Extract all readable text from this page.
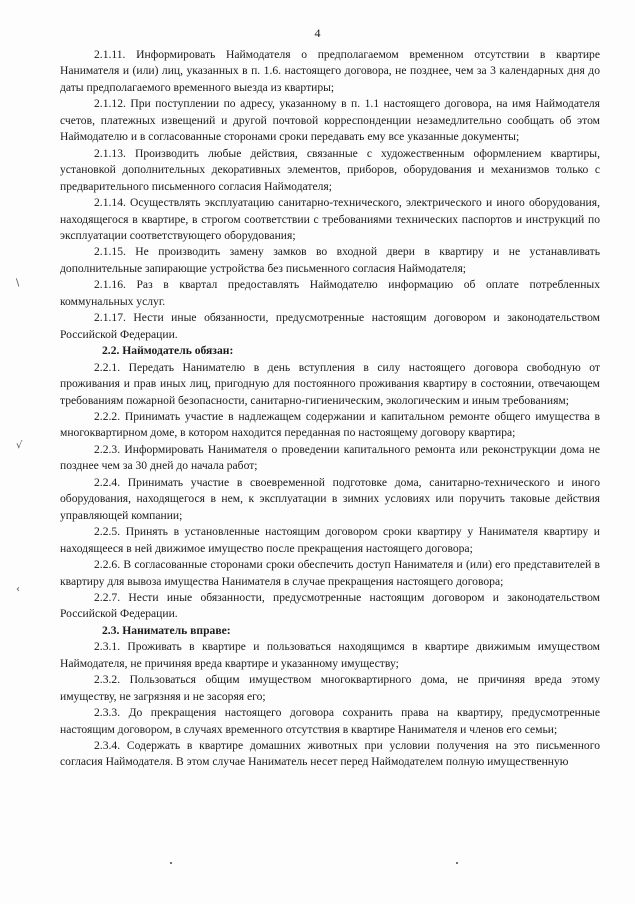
4

2.1.11. Информировать Наймодателя о предполагаемом временном отсутствии в квартире Нанимателя и (или) лиц, указанных в п. 1.6. настоящего договора, не позднее, чем за 3 календарных дня до даты предполагаемого временного выезда из квартиры;

2.1.12. При поступлении по адресу, указанному в п. 1.1 настоящего договора, на имя Наймодателя счетов, платежных извещений и другой почтовой корреспонденции незамедлительно сообщать об этом Наймодателю и в согласованные сторонами сроки передавать ему все указанные документы;

2.1.13. Производить любые действия, связанные с художественным оформлением квартиры, установкой дополнительных декоративных элементов, приборов, оборудования и механизмов только с предварительного письменного согласия Наймодателя;

2.1.14. Осуществлять эксплуатацию санитарно-технического, электрического и иного оборудования, находящегося в квартире, в строгом соответствии с требованиями технических паспортов и инструкций по эксплуатации соответствующего оборудования;

2.1.15. Не производить замену замков во входной двери в квартиру и не устанавливать дополнительные запирающие устройства без письменного согласия Наймодателя;

2.1.16. Раз в квартал предоставлять Наймодателю информацию об оплате потребленных коммунальных услуг.

2.1.17. Нести иные обязанности, предусмотренные настоящим договором и законодательством Российской Федерации.

2.2. Наймодатель обязан:

2.2.1. Передать Нанимателю в день вступления в силу настоящего договора свободную от проживания и прав иных лиц, пригодную для постоянного проживания квартиру в состоянии, отвечающем требованиям пожарной безопасности, санитарно-гигиеническим, экологическим и иным требованиям;

2.2.2. Принимать участие в надлежащем содержании и капитальном ремонте общего имущества в многоквартирном доме, в котором находится переданная по настоящему договору квартира;

2.2.3. Информировать Нанимателя о проведении капитального ремонта или реконструкции дома не позднее чем за 30 дней до начала работ;

2.2.4. Принимать участие в своевременной подготовке дома, санитарно-технического и иного оборудования, находящегося в нем, к эксплуатации в зимних условиях или поручить таковые действия управляющей компании;

2.2.5. Принять в установленные настоящим договором сроки квартиру у Нанимателя квартиру и находящееся в ней движимое имущество после прекращения настоящего договора;

2.2.6. В согласованные сторонами сроки обеспечить доступ Нанимателя и (или) его представителей в квартиру для вывоза имущества Нанимателя в случае прекращения настоящего договора;

2.2.7. Нести иные обязанности, предусмотренные настоящим договором и законодательством Российской Федерации.

2.3. Наниматель вправе:

2.3.1. Проживать в квартире и пользоваться находящимся в квартире движимым имуществом Наймодателя, не причиняя вреда квартире и указанному имуществу;

2.3.2. Пользоваться общим имуществом многоквартирного дома, не причиняя вреда этому имуществу, не загрязняя и не засоряя его;

2.3.3. До прекращения настоящего договора сохранить права на квартиру, предусмотренные настоящим договором, в случаях временного отсутствия в квартире Нанимателя и членов его семьи;

2.3.4. Содержать в квартире домашних животных при условии получения на это письменного согласия Наймодателя. В этом случае Наниматель несет перед Наймодателем полную имущественную

∖
√
‹
